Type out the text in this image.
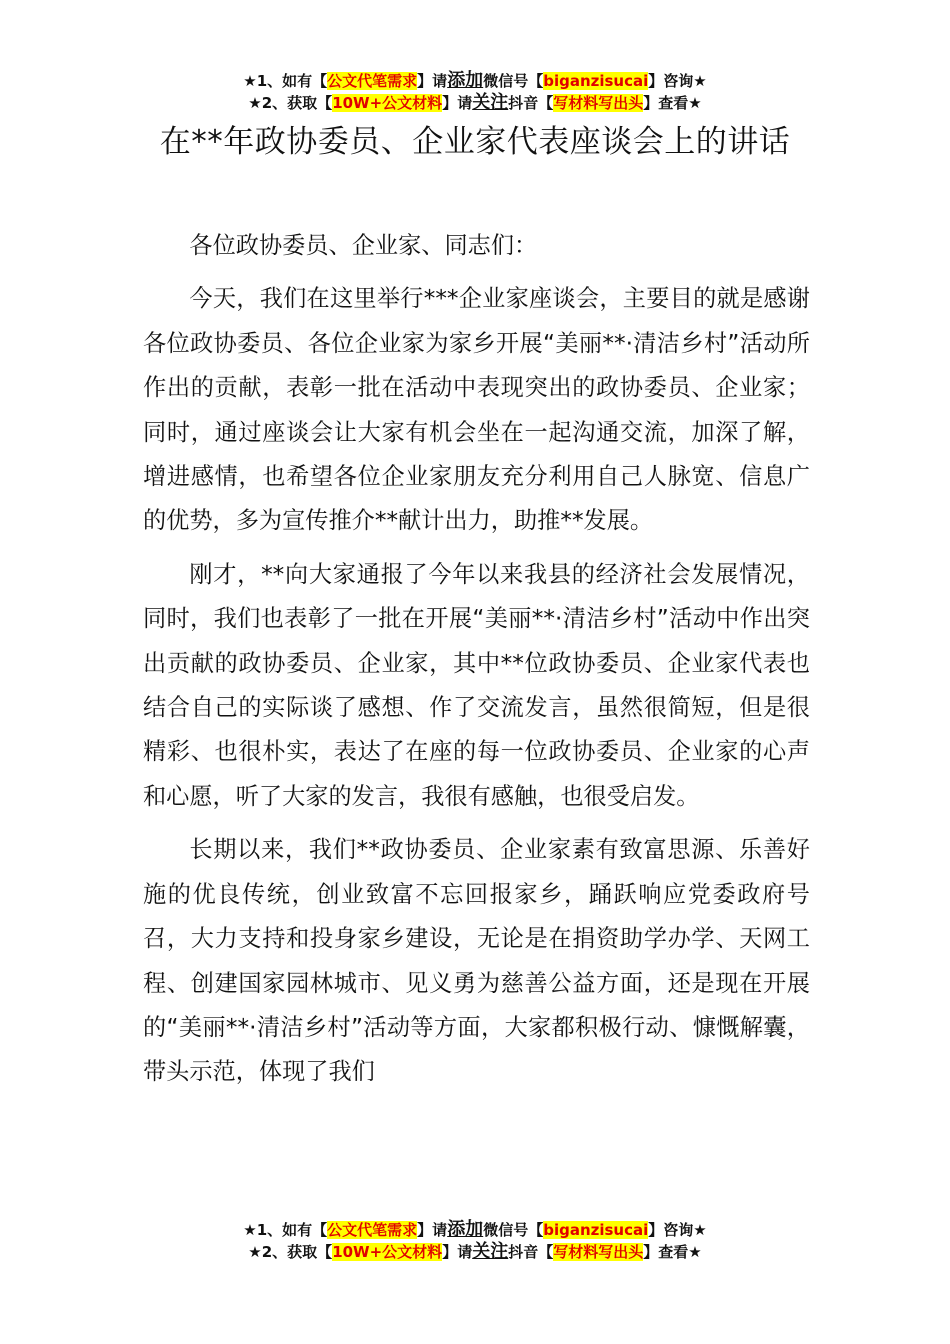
★1、如有【公文代笔需求】请添加微信号【biganzisucai】咨询★
★2、获取【10W+公文材料】请关注抖音【写材料写出头】查看★
在**年政协委员、企业家代表座谈会上的讲话

各位政协委员、企业家、同志们：

今天，我们在这里举行***企业家座谈会，主要目的就是感谢各位政协委员、各位企业家为家乡开展“美丽**·清洁乡村”活动所作出的贡献，表彰一批在活动中表现突出的政协委员、企业家；同时，通过座谈会让大家有机会坐在一起沟通交流，加深了解，增进感情，也希望各位企业家朋友充分利用自己人脉宽、信息广的优势，多为宣传推介**献计出力，助推**发展。

刚才，**向大家通报了今年以来我县的经济社会发展情况，同时，我们也表彰了一批在开展“美丽**·清洁乡村”活动中作出突出贡献的政协委员、企业家，其中**位政协委员、企业家代表也结合自己的实际谈了感想、作了交流发言，虽然很简短，但是很精彩、也很朴实，表达了在座的每一位政协委员、企业家的心声和心愿，听了大家的发言，我很有感触，也很受启发。

长期以来，我们**政协委员、企业家素有致富思源、乐善好施的优良传统，创业致富不忘回报家乡，踊跃响应党委政府号召，大力支持和投身家乡建设，无论是在捐资助学办学、天网工程、创建国家园林城市、见义勇为慈善公益方面，还是现在开展的“美丽**·清洁乡村”活动等方面，大家都积极行动、慷慨解囊，带头示范，体现了我们

★1、如有【公文代笔需求】请添加微信号【biganzisucai】咨询★
★2、获取【10W+公文材料】请关注抖音【写材料写出头】查看★
